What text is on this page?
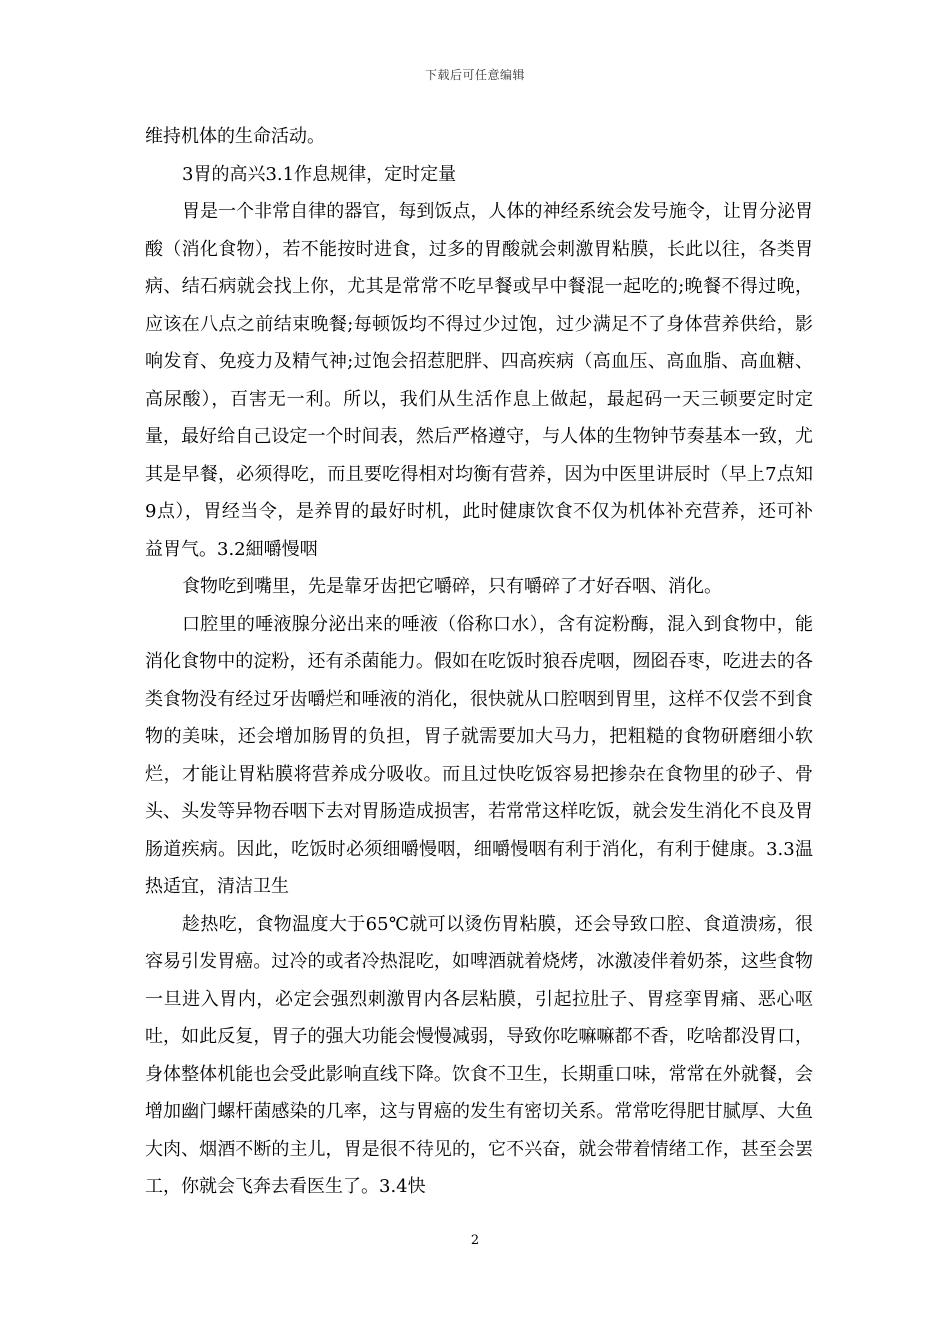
下载后可任意编辑

维持机体的生命活动。

3胃的高兴3.1作息规律，定时定量

胃是一个非常自律的器官，每到饭点，人体的神经系统会发号施令，让胃分泌胃酸（消化食物），若不能按时进食，过多的胃酸就会刺激胃粘膜，长此以往，各类胃病、结石病就会找上你，尤其是常常不吃早餐或早中餐混一起吃的;晚餐不得过晚，应该在八点之前结束晚餐;每顿饭均不得过少过饱，过少满足不了身体营养供给，影响发育、免疫力及精气神;过饱会招惹肥胖、四高疾病（高血压、高血脂、高血糖、高尿酸），百害无一利。所以，我们从生活作息上做起，最起码一天三顿要定时定量，最好给自己设定一个时间表，然后严格遵守，与人体的生物钟节奏基本一致，尤其是早餐，必须得吃，而且要吃得相对均衡有营养，因为中医里讲辰时（早上7点知9点），胃经当令，是养胃的最好时机，此时健康饮食不仅为机体补充营养，还可补益胃气。3.2細嚼慢咽

食物吃到嘴里，先是靠牙齿把它嚼碎，只有嚼碎了才好吞咽、消化。

口腔里的唾液腺分泌出来的唾液（俗称口水），含有淀粉酶，混入到食物中，能消化食物中的淀粉，还有杀菌能力。假如在吃饭时狼吞虎咽，囫囵吞枣，吃进去的各类食物没有经过牙齿嚼烂和唾液的消化，很快就从口腔咽到胃里，这样不仅尝不到食物的美味，还会增加肠胃的负担，胃子就需要加大马力，把粗糙的食物研磨细小软烂，才能让胃粘膜将营养成分吸收。而且过快吃饭容易把掺杂在食物里的砂子、骨头、头发等异物吞咽下去对胃肠造成损害，若常常这样吃饭，就会发生消化不良及胃肠道疾病。因此，吃饭时必须细嚼慢咽，细嚼慢咽有利于消化，有利于健康。3.3温热适宜，清洁卫生

趁热吃，食物温度大于65℃就可以烫伤胃粘膜，还会导致口腔、食道溃疡，很容易引发胃癌。过冷的或者冷热混吃，如啤酒就着烧烤，冰激凌伴着奶茶，这些食物一旦进入胃内，必定会强烈刺激胃内各层粘膜，引起拉肚子、胃痉挛胃痛、恶心呕吐，如此反复，胃子的强大功能会慢慢减弱，导致你吃嘛嘛都不香，吃啥都没胃口，身体整体机能也会受此影响直线下降。饮食不卫生，长期重口味，常常在外就餐，会增加幽门螺杆菌感染的几率，这与胃癌的发生有密切关系。常常吃得肥甘腻厚、大鱼大肉、烟酒不断的主儿，胃是很不待见的，它不兴奋，就会带着情绪工作，甚至会罢工，你就会飞奔去看医生了。3.4快

2
